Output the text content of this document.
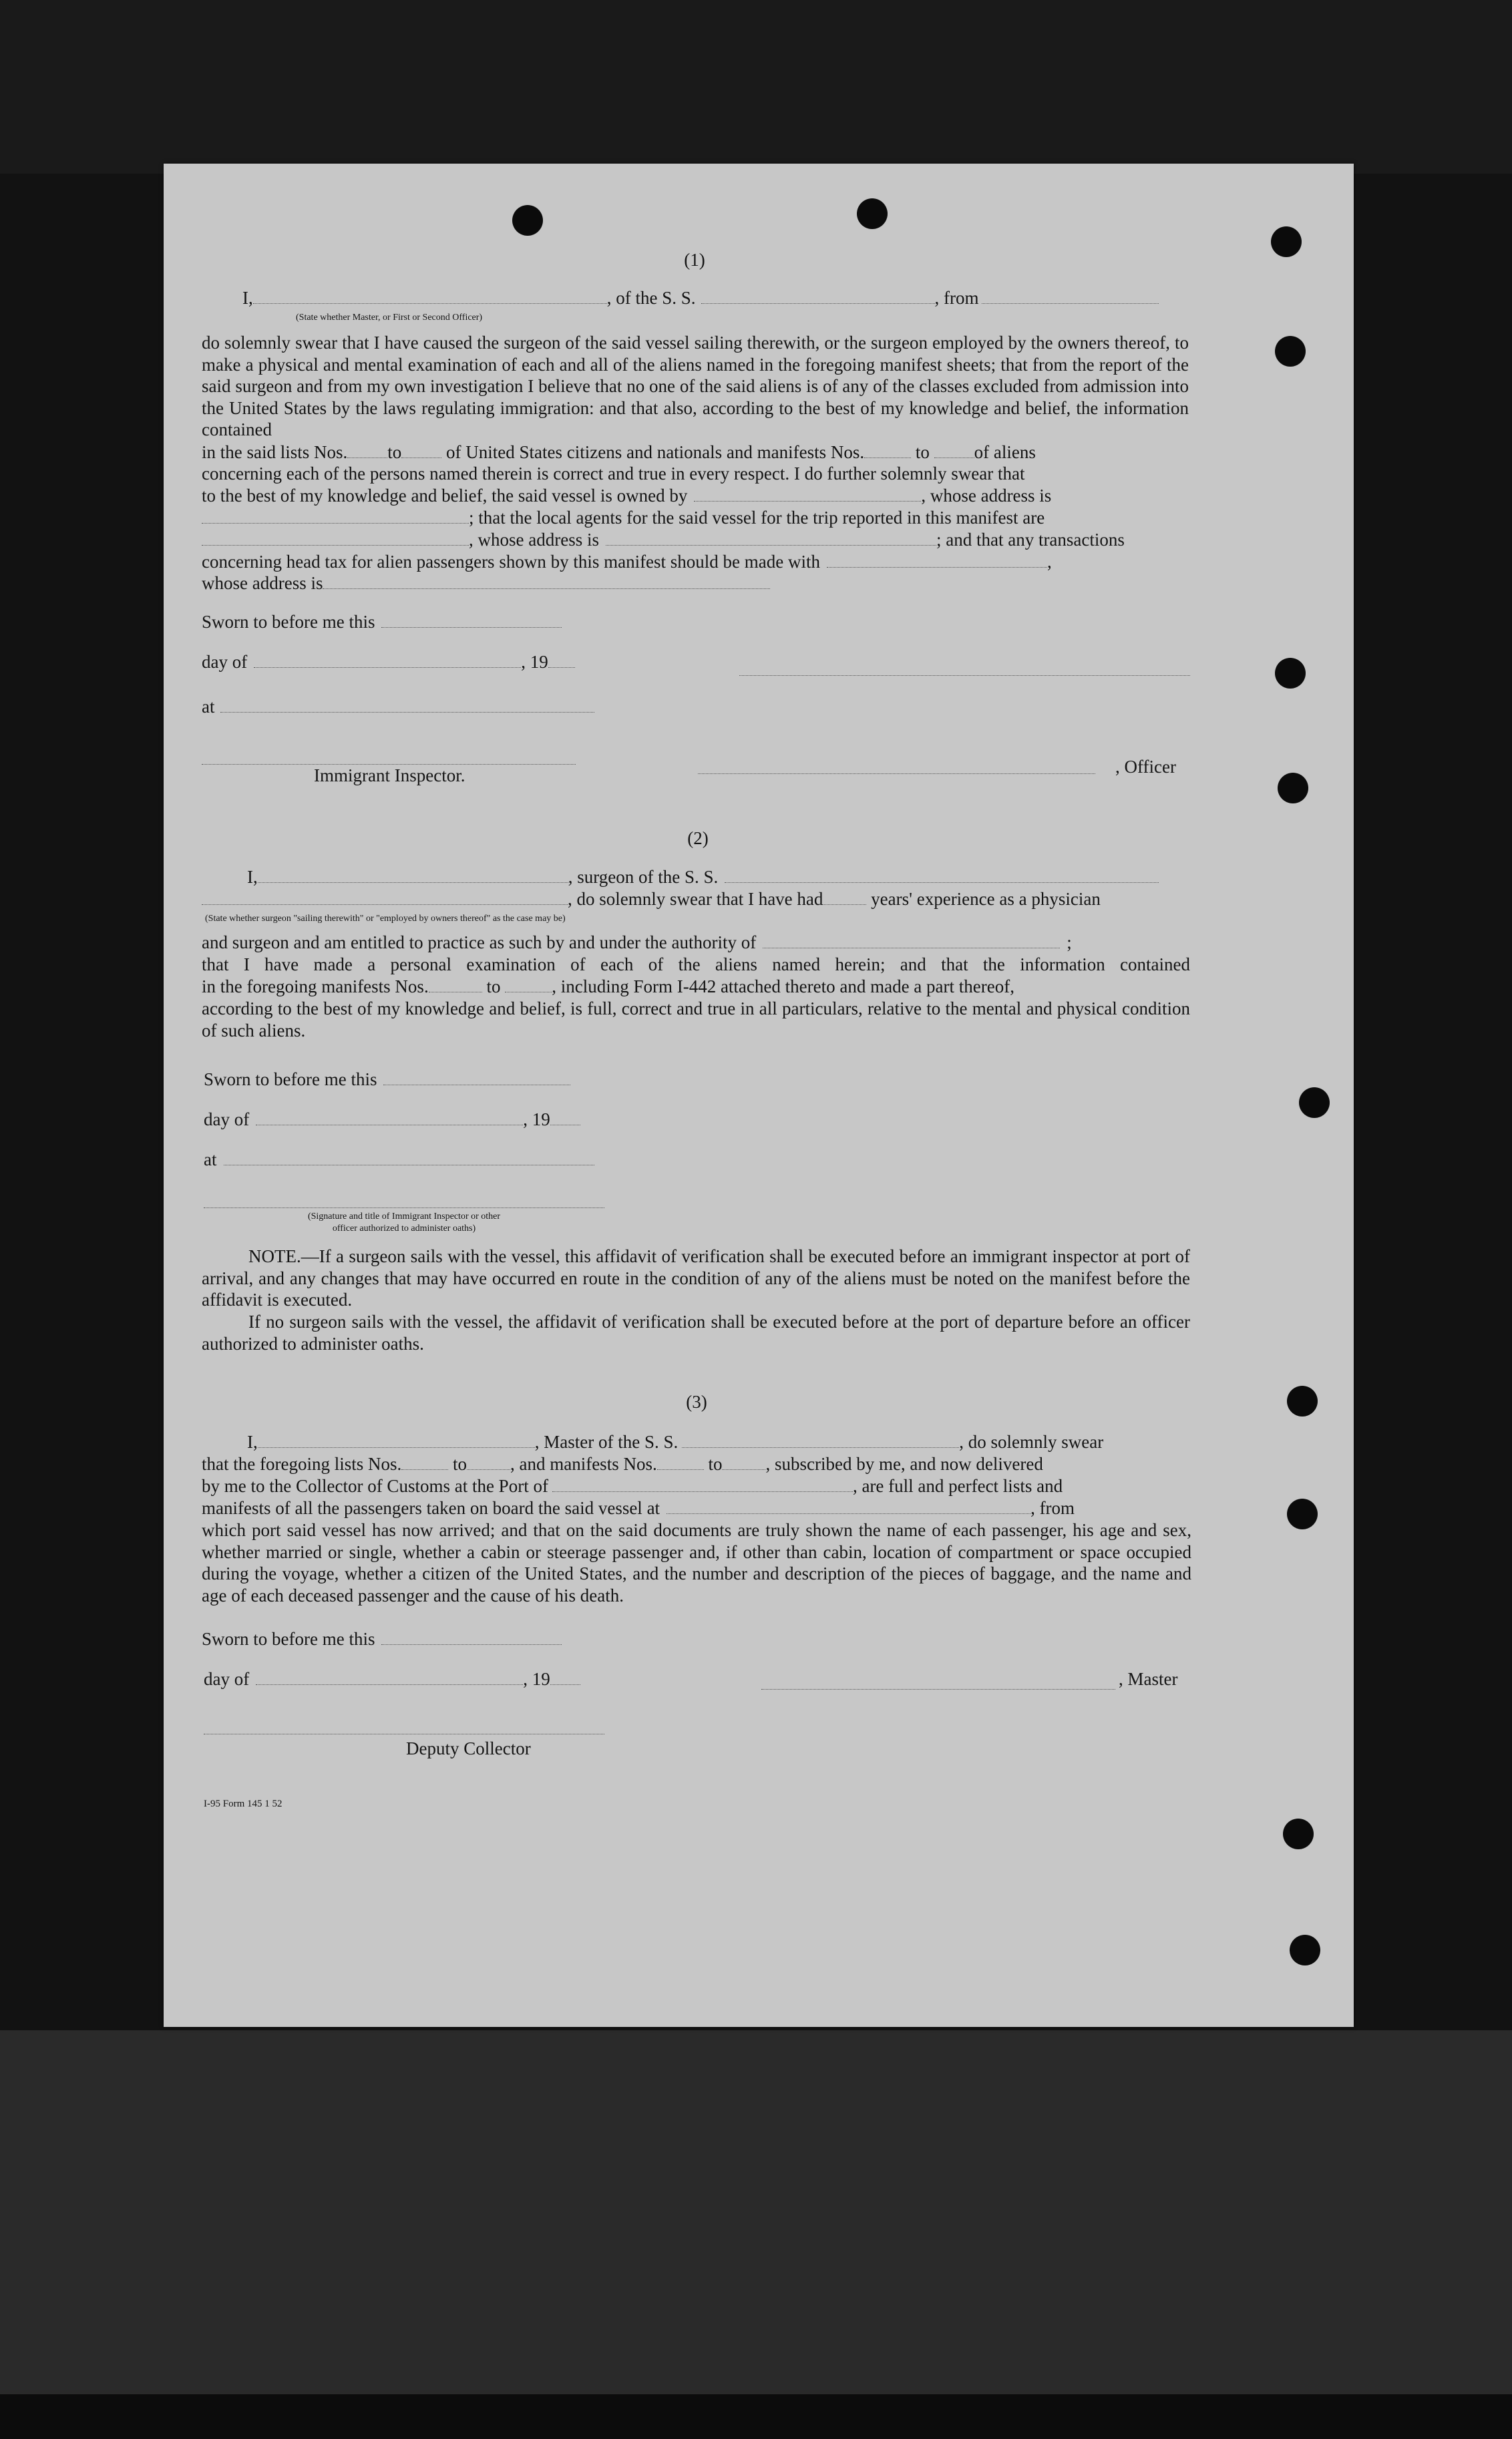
(1)
I,	, of the S. S.	, from
(State whether Master, or First or Second Officer)
do solemnly swear that I have caused the surgeon of the said vessel sailing therewith, or the surgeon employed by the owners thereof, to make a physical and mental examination of each and all of the aliens named in the foregoing manifest sheets; that from the report of the said surgeon and from my own investigation I believe that no one of the said aliens is of any of the classes excluded from admission into the United States by the laws regulating immigration: and that also, according to the best of my knowledge and belief, the information contained
in the said lists Nos. to of United States citizens and nationals and manifests Nos.	to of aliens
concerning each of the persons named therein is correct and true in every respect. I do further solemnly swear that
to the best of my knowledge and belief, the said vessel is owned by	, whose address is
; that the local agents for the said vessel for the trip reported in this manifest are
, whose address is	; and that any transactions
concerning head tax for alien passengers shown by this manifest should be made with	,
whose address is
Sworn to before me this
day of	, 19
at
Immigrant Inspector.	, Officer
(2)
I,	, surgeon of the S. S.
, do solemnly swear that I have had	years' experience as a physician
(State whether surgeon "sailing therewith" or "employed by owners thereof" as the case may be)
and surgeon and am entitled to practice as such by and under the authority of	;
that I have made a personal examination of each of the aliens named herein; and that the information contained
in the foregoing manifests Nos.	to	, including Form I-442 attached thereto and made a part thereof,
according to the best of my knowledge and belief, is full, correct and true in all particulars, relative to the mental and physical condition of such aliens.
Sworn to before me this
day of	, 19
at
(Signature and title of Immigrant Inspector or other
officer authorized to administer oaths)
NOTE.—If a surgeon sails with the vessel, this affidavit of verification shall be executed before an immigrant inspector at port of arrival, and any changes that may have occurred en route in the condition of any of the aliens must be noted on the manifest before the affidavit is executed.
If no surgeon sails with the vessel, the affidavit of verification shall be executed before at the port of departure before an officer authorized to administer oaths.
(3)
I,	, Master of the S. S.	, do solemnly swear
that the foregoing lists Nos.	to , and manifests Nos.	to , subscribed by me, and now delivered
by me to the Collector of Customs at the Port of	, are full and perfect lists and
manifests of all the passengers taken on board the said vessel at	, from
which port said vessel has now arrived; and that on the said documents are truly shown the name of each passenger, his age and sex, whether married or single, whether a cabin or steerage passenger and, if other than cabin, location of compartment or space occupied during the voyage, whether a citizen of the United States, and the number and description of the pieces of baggage, and the name and age of each deceased passenger and the cause of his death.
Sworn to before me this
day of	, 19	, Master
Deputy Collector
I-95 Form 145 1 52
